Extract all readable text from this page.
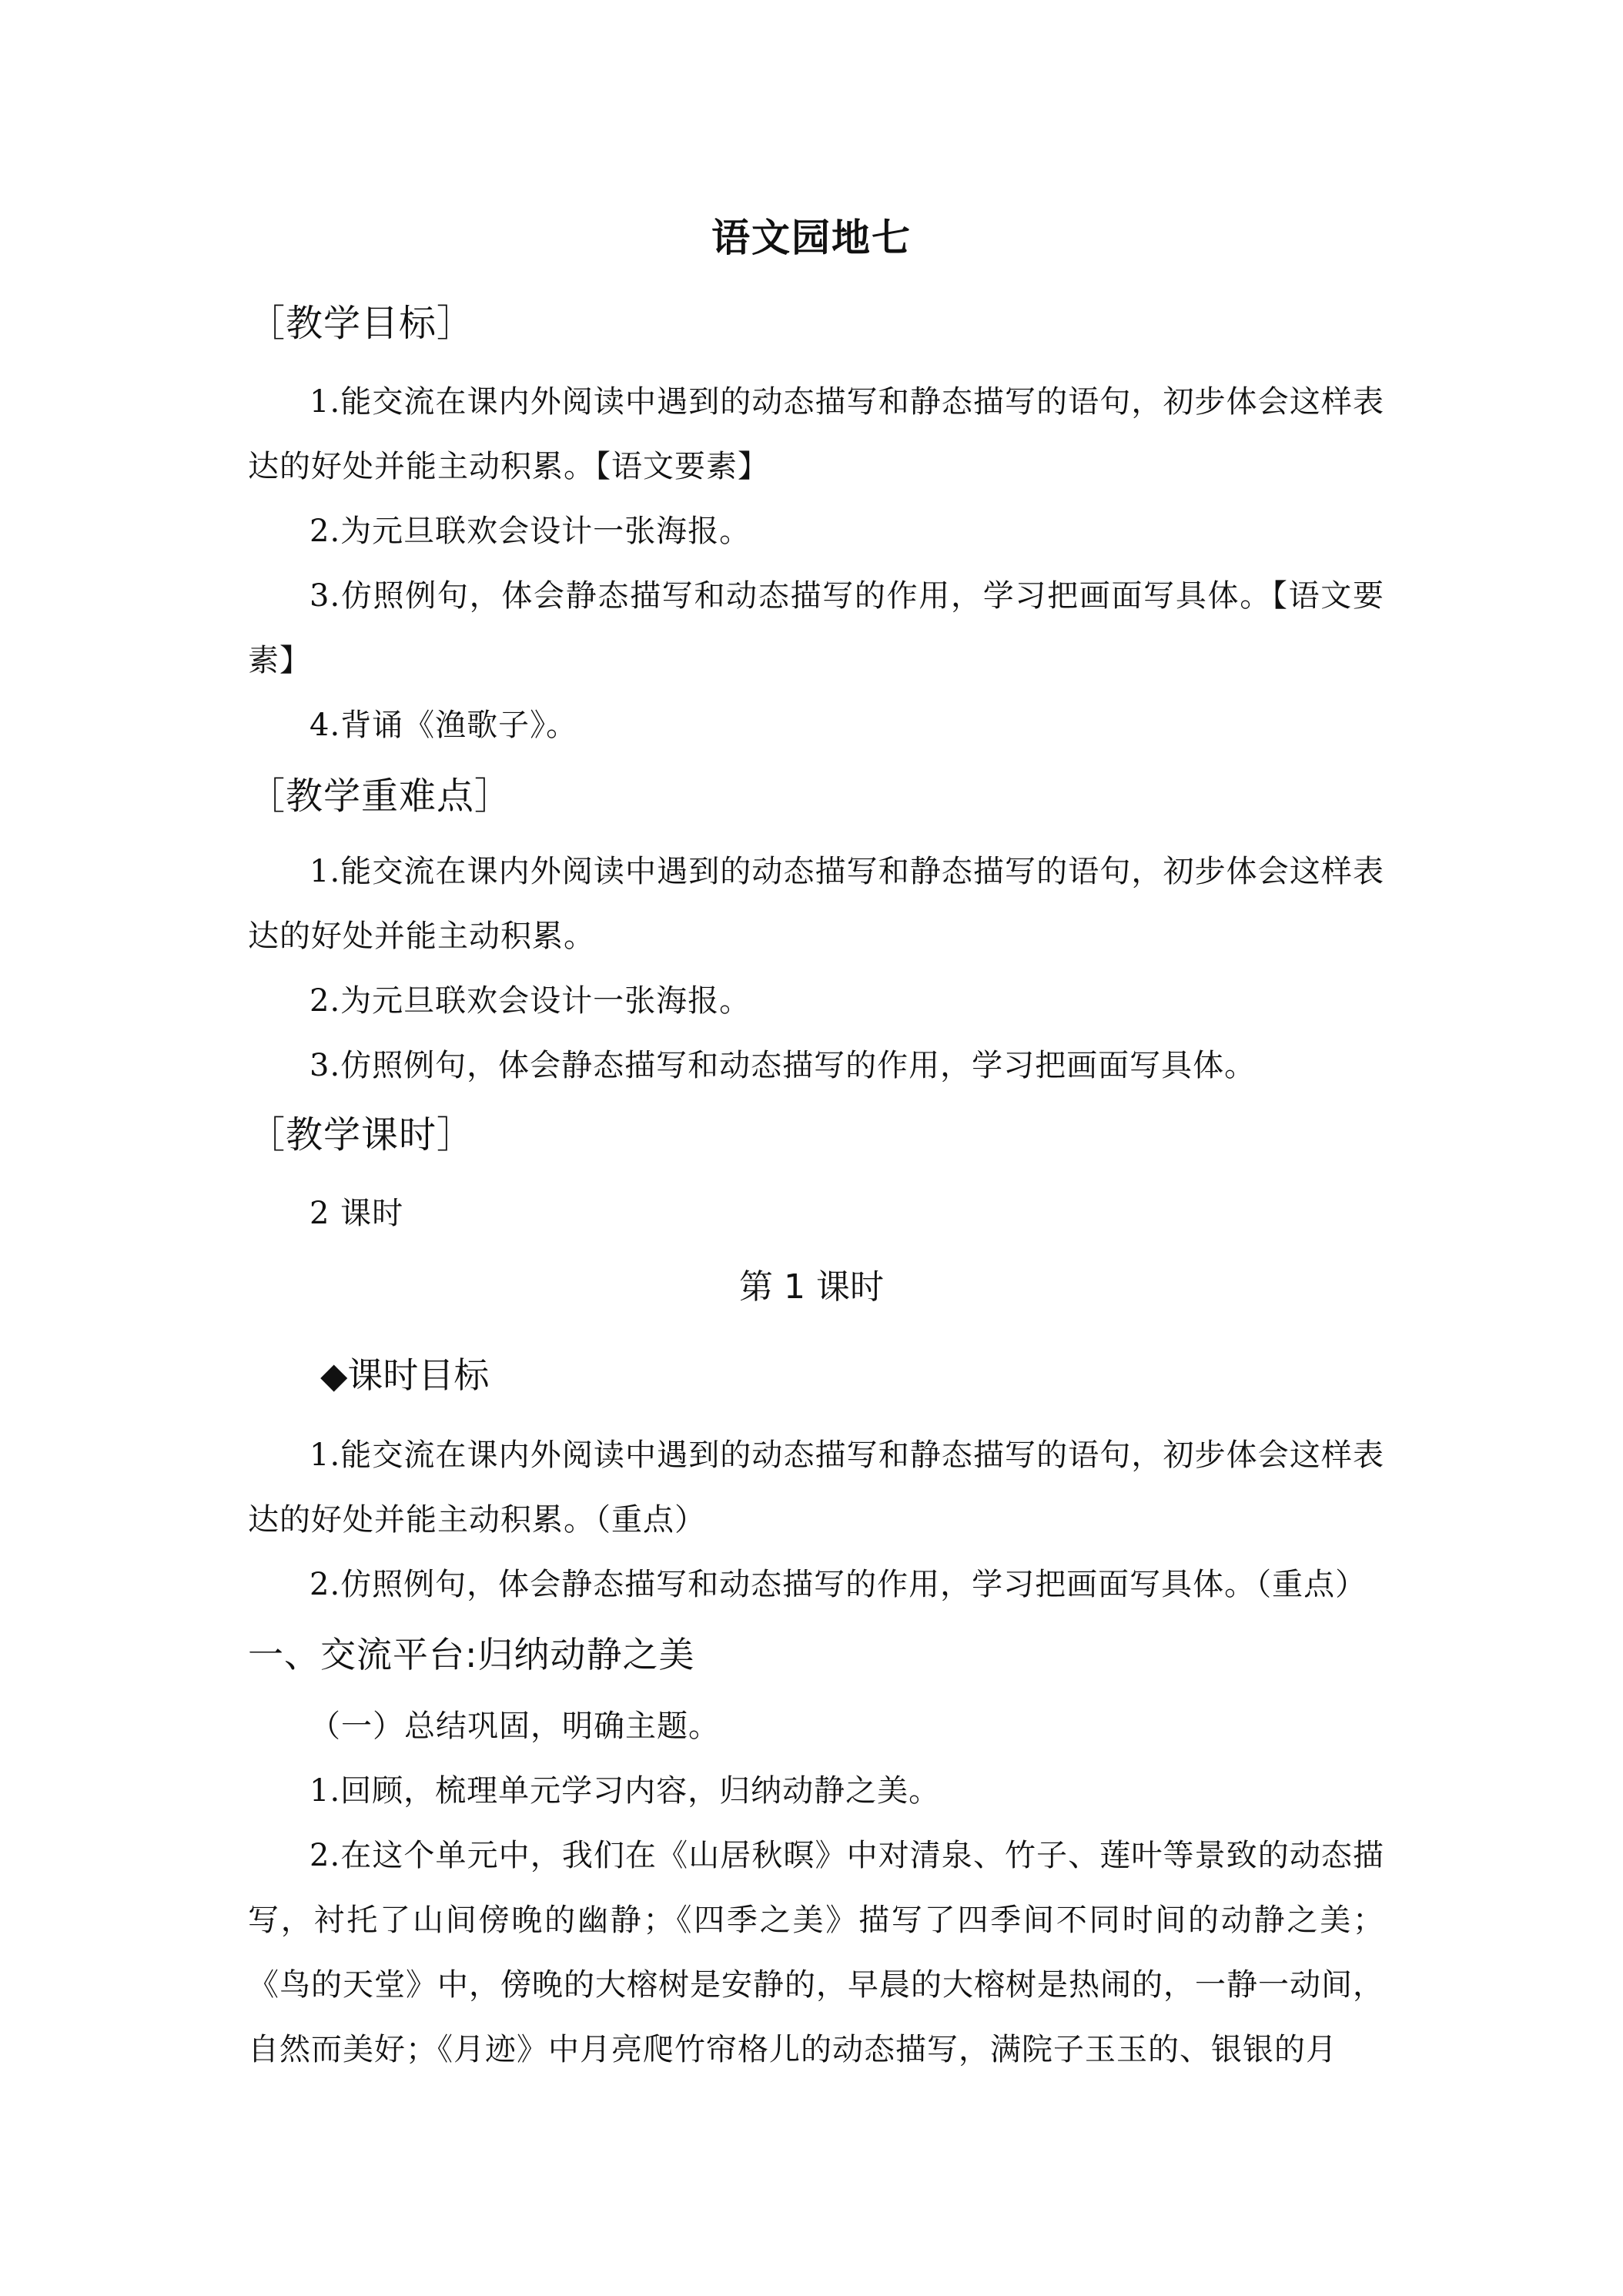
语文园地七
［教学目标］

1.能交流在课内外阅读中遇到的动态描写和静态描写的语句，初步体会这样表达的好处并能主动积累。【语文要素】

2.为元旦联欢会设计一张海报。

3.仿照例句，体会静态描写和动态描写的作用，学习把画面写具体。【语文要素】

4.背诵《渔歌子》。

［教学重难点］

1.能交流在课内外阅读中遇到的动态描写和静态描写的语句，初步体会这样表达的好处并能主动积累。

2.为元旦联欢会设计一张海报。

3.仿照例句，体会静态描写和动态描写的作用，学习把画面写具体。

［教学课时］

2 课时

第 1 课时
◆课时目标

1.能交流在课内外阅读中遇到的动态描写和静态描写的语句，初步体会这样表达的好处并能主动积累。（重点）

2.仿照例句，体会静态描写和动态描写的作用，学习把画面写具体。（重点）

一、交流平台:归纳动静之美

（一）总结巩固，明确主题。

1.回顾，梳理单元学习内容，归纳动静之美。

2.在这个单元中，我们在《山居秋暝》中对清泉、竹子、莲叶等景致的动态描写，衬托了山间傍晚的幽静；《四季之美》描写了四季间不同时间的动静之美；《鸟的天堂》中，傍晚的大榕树是安静的，早晨的大榕树是热闹的，一静一动间，自然而美好；《月迹》中月亮爬竹帘格儿的动态描写，满院子玉玉的、银银的月
